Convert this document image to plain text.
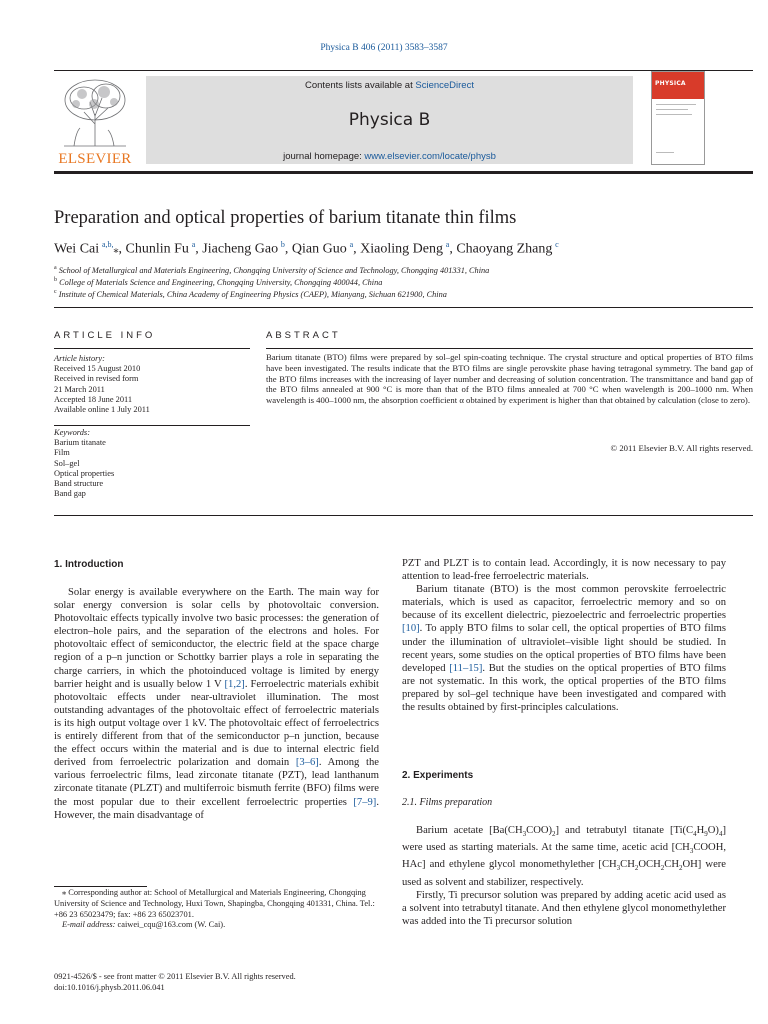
Physica B 406 (2011) 3583–3587
ELSEVIER
Contents lists available at ScienceDirect
Physica B
journal homepage: www.elsevier.com/locate/physb
PHYSICA
Preparation and optical properties of barium titanate thin films
Wei Cai  $^{a,b,}$⁎, Chunlin Fu  $^a$, Jiacheng Gao  $^b$, Qian Guo  $^a$, Xiaoling Deng  $^a$, Chaoyang Zhang  $^c$
$^a$ School of Metallurgical and Materials Engineering, Chongqing University of Science and Technology, Chongqing 401331, China
$^b$ College of Materials Science and Engineering, Chongqing University, Chongqing 400044, China
$^c$ Institute of Chemical Materials, China Academy of Engineering Physics (CAEP), Mianyang, Sichuan 621900, China
ARTICLE INFO
Article history:
Received 15 August 2010
Received in revised form
21 March 2011
Accepted 18 June 2011
Available online 1 July 2011
Keywords:
Barium titanate
Film
Sol–gel
Optical properties
Band structure
Band gap
ABSTRACT
Barium titanate (BTO) films were prepared by sol–gel spin-coating technique. The crystal structure and optical properties of BTO films have been investigated. The results indicate that the BTO films are single perovskite phase having tetragonal symmetry. The band gap of the BTO films increases with the increasing of layer number and decreasing of solution concentration. The transmittance and band gap of the BTO films annealed at 900 °C is more than that of the BTO films annealed at 700 °C when wavelength is 200–1000 nm. When wavelength is 400–1000 nm, the absorption coefficient α obtained by experiment is higher than that obtained by calculation (close to zero).
© 2011 Elsevier B.V. All rights reserved.
1. Introduction

Solar energy is available everywhere on the Earth. The main way for solar energy conversion is solar cells by photovoltaic conversion. Photovoltaic effects typically involve two basic processes: the generation of electron–hole pairs, and the separation of the electrons and holes. For photovoltaic effect of semiconductor, the electric field at the space charge region of a p–n junction or Schottky barrier plays a role in separating the charge carriers, in which the photoinduced voltage is limited by energy barrier height and is usually below 1 V [1,2]. Ferroelectric materials exhibit photovoltaic effects under near-ultraviolet illumination. The most outstanding advantages of the photovoltaic effect of ferroelectric materials is its high output voltage over 1 kV. The photovoltaic effect of ferroelectrics is entirely different from that of the semiconductor p–n junction, because the effect occurs within the material and is due to internal electric field derived from ferroelectric polarization and domain [3–6]. Among the various ferroelectric films, lead zirconate titanate (PZT), lead lanthanum zirconate titanate (PLZT) and multiferroic bismuth ferrite (BFO) films were the most popular due to their excellent ferroelectric properties [7–9]. However, the main disadvantage of

PZT and PLZT is to contain lead. Accordingly, it is now necessary to pay attention to lead-free ferroelectric materials.

Barium titanate (BTO) is the most common perovskite ferroelectric materials, which is used as capacitor, ferroelectric memory and so on because of its excellent dielectric, piezoelectric and ferroelectric properties [10]. To apply BTO films to solar cell, the optical properties of BTO films under the illumination of ultraviolet–visible light should be studied. In recent years, some studies on the optical properties of BTO films have been developed [11–15]. But the studies on the optical properties of BTO films are not systematic. In this work, the optical properties of the BTO films prepared by sol–gel technique have been investigated and compared with the results obtained by first-principles calculations.

2. Experiments
2.1. Films preparation

Barium acetate $[Ba(CH_3COO)_2]$ and tetrabutyl titanate $[Ti(C_4H_9O)_4]$ were used as starting materials. At the same time, acetic acid [$CH_3COOH$, HAc] and ethylene glycol monomethylether $[CH_3CH_2OCH_2CH_2OH]$ were used as solvent and stabilizer, respectively.

Firstly, Ti precursor solution was prepared by adding acetic acid used as a solvent into tetrabutyl titanate. And then ethylene glycol monomethylether was added into the Ti precursor solution

⁎ Corresponding author at: School of Metallurgical and Materials Engineering, Chongqing University of Science and Technology, Huxi Town, Shapingba, Chongqing 401331, China. Tel.: +86 23 65023479; fax: +86 23 65023701.
E-mail address: caiwei_cqu@163.com (W. Cai).
0921-4526/$ - see front matter © 2011 Elsevier B.V. All rights reserved.
doi:10.1016/j.physb.2011.06.041
